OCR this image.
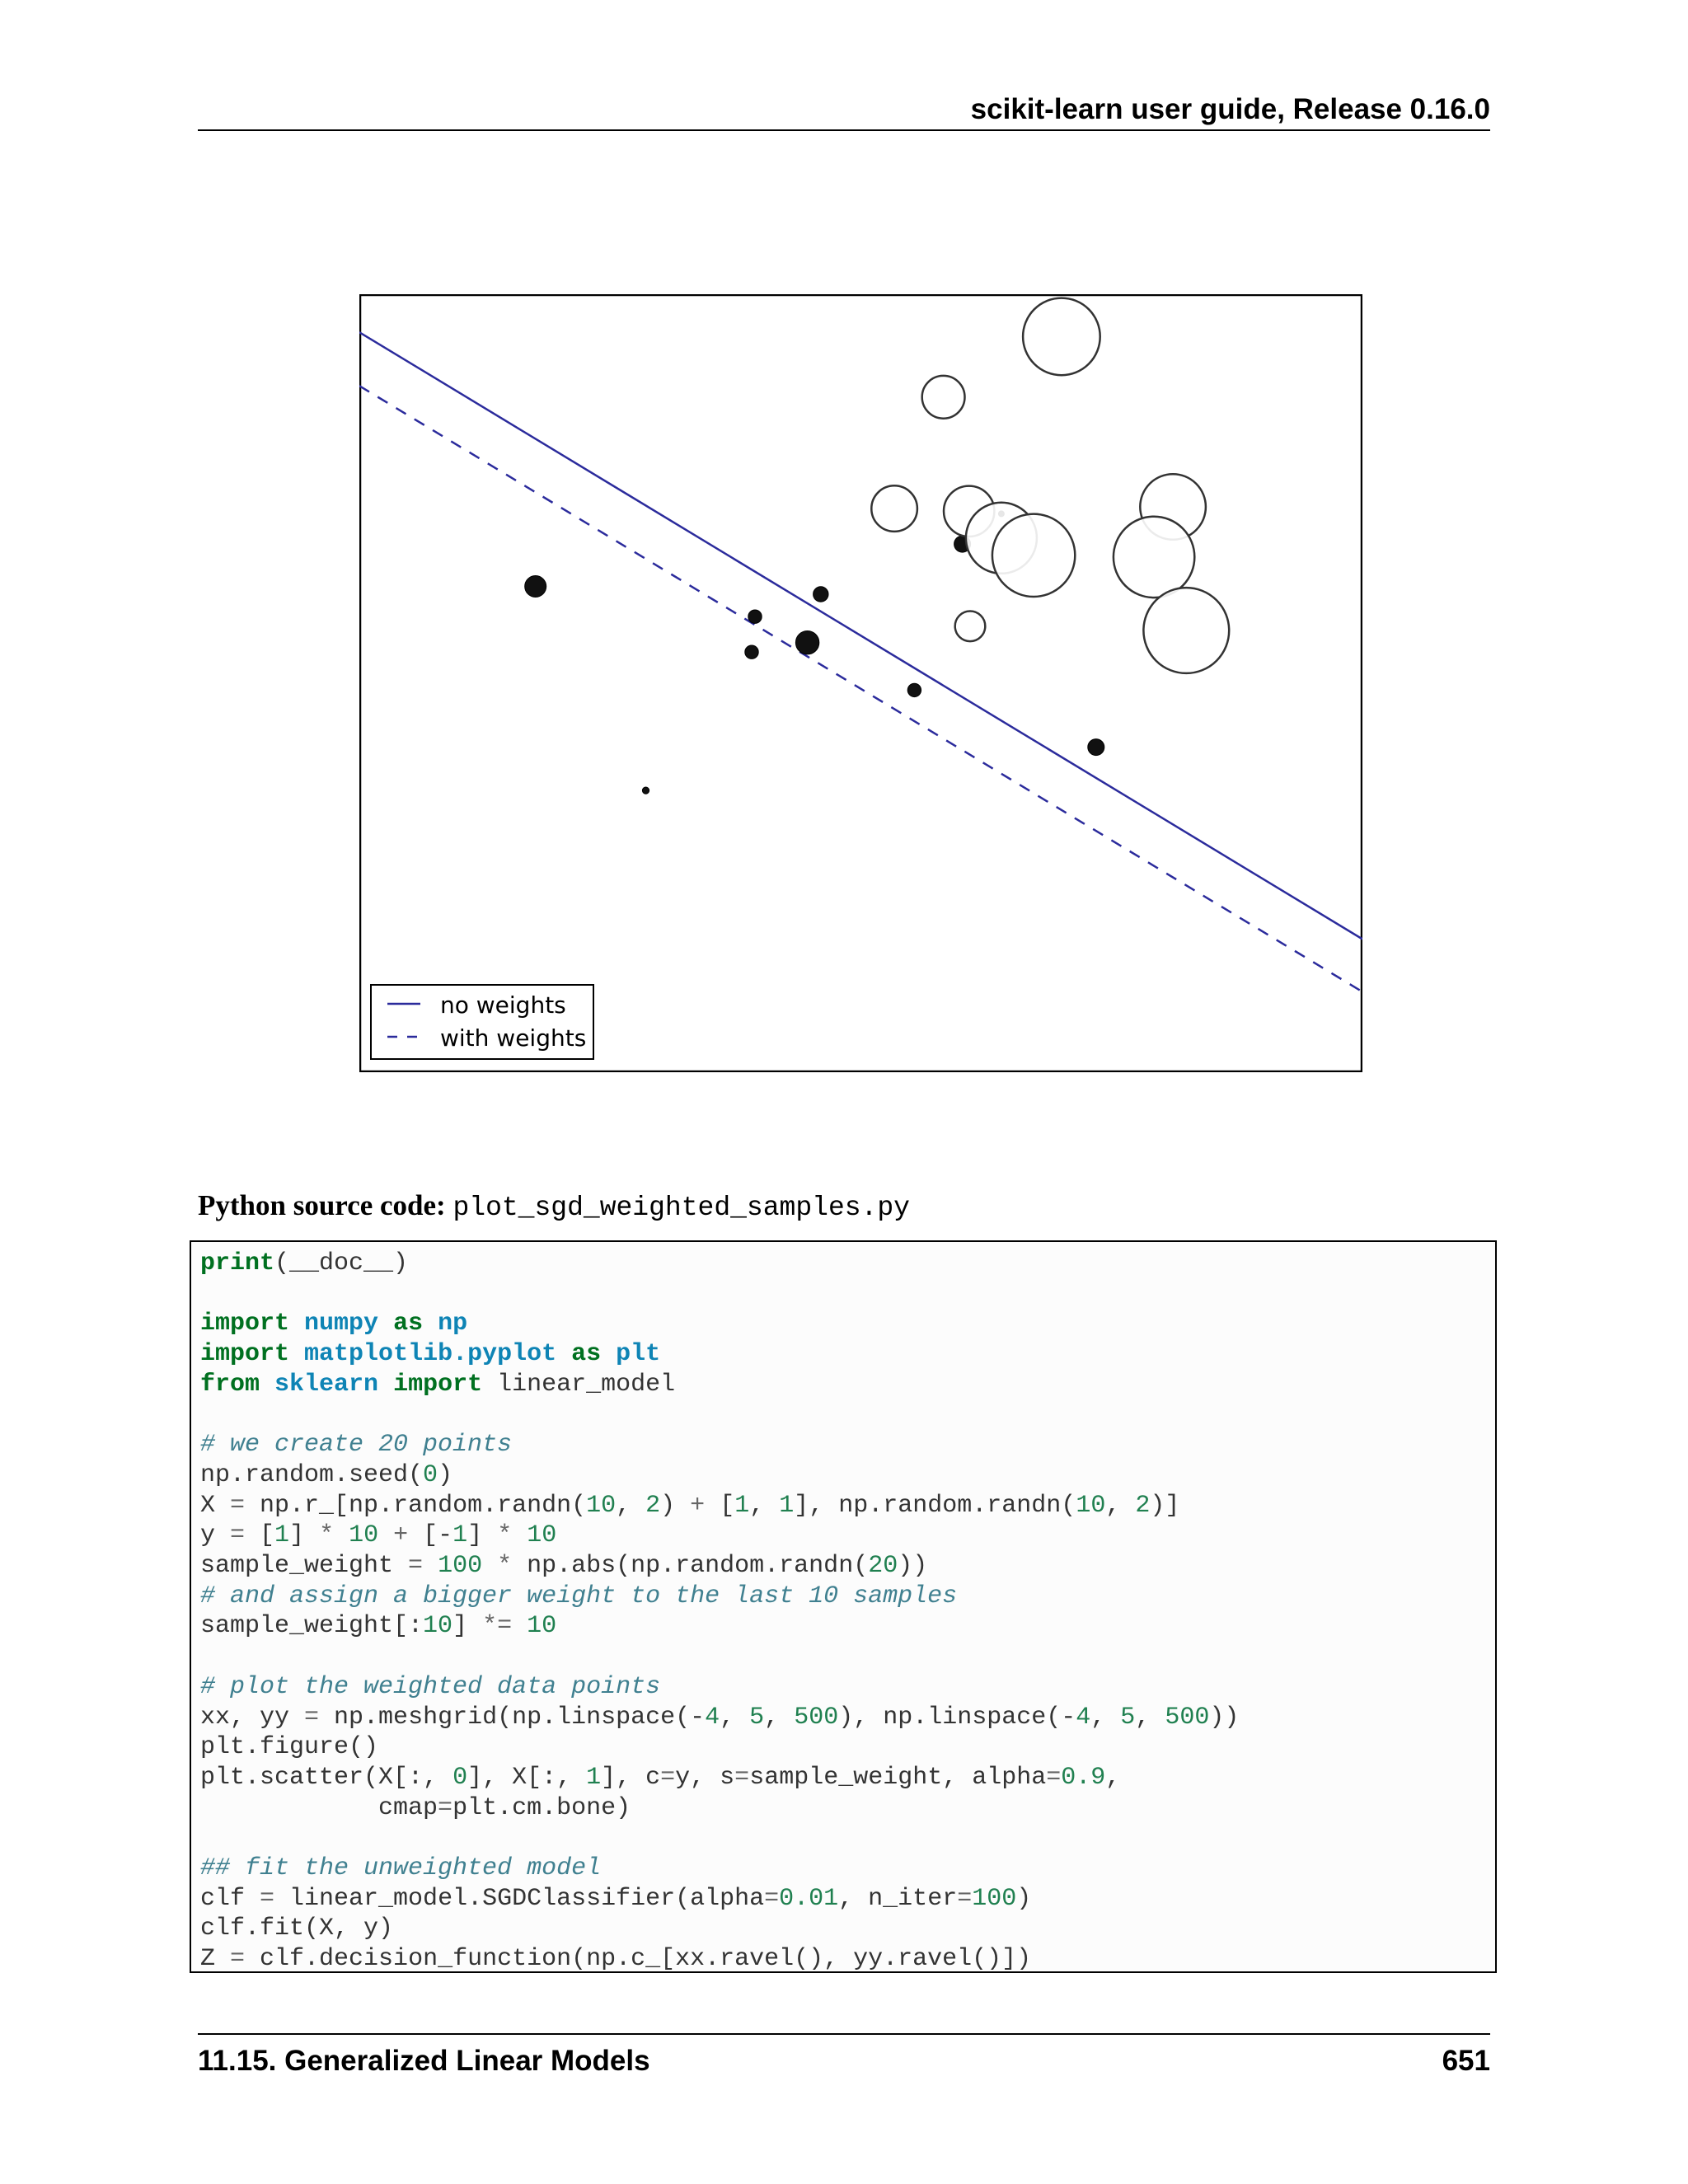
scikit-learn user guide, Release 0.16.0
no weights
with weights
Python source code: plot_sgd_weighted_samples.py
print(__doc__)

import numpy as np
import matplotlib.pyplot as plt
from sklearn import linear_model

# we create 20 points
np.random.seed(0)
X = np.r_[np.random.randn(10, 2) + [1, 1], np.random.randn(10, 2)]
y = [1] * 10 + [-1] * 10
sample_weight = 100 * np.abs(np.random.randn(20))
# and assign a bigger weight to the last 10 samples
sample_weight[:10] *= 10

# plot the weighted data points
xx, yy = np.meshgrid(np.linspace(-4, 5, 500), np.linspace(-4, 5, 500))
plt.figure()
plt.scatter(X[:, 0], X[:, 1], c=y, s=sample_weight, alpha=0.9,
cmap=plt.cm.bone)

## fit the unweighted model
clf = linear_model.SGDClassifier(alpha=0.01, n_iter=100)
clf.fit(X, y)
Z = clf.decision_function(np.c_[xx.ravel(), yy.ravel()])
11.15. Generalized Linear Models	651
